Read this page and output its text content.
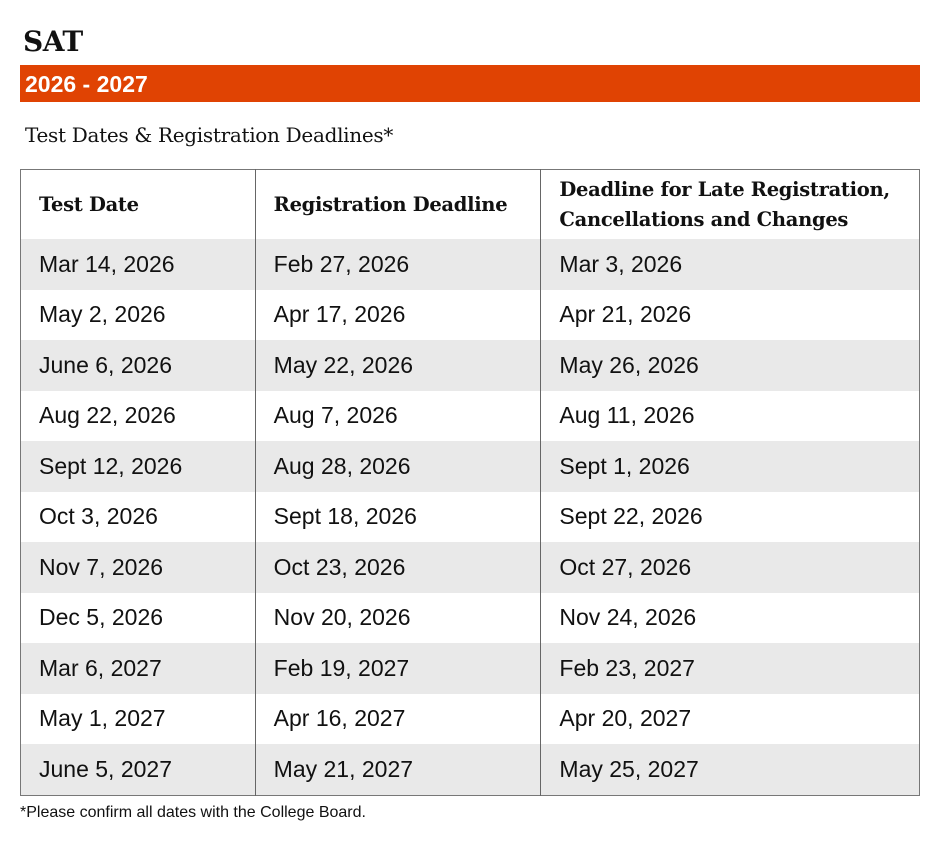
SAT
2026 - 2027
Test Dates & Registration Deadlines*
Test Date	Registration Deadline	Deadline for Late Registration, Cancellations and Changes
Mar 14, 2026	Feb 27, 2026	Mar 3, 2026
May 2, 2026	Apr 17, 2026	Apr 21, 2026
June 6, 2026	May 22, 2026	May 26, 2026
Aug 22, 2026	Aug 7, 2026	Aug 11, 2026
Sept 12, 2026	Aug 28, 2026	Sept 1, 2026
Oct 3, 2026	Sept 18, 2026	Sept 22, 2026
Nov 7, 2026	Oct 23, 2026	Oct 27, 2026
Dec 5, 2026	Nov 20, 2026	Nov 24, 2026
Mar 6, 2027	Feb 19, 2027	Feb 23, 2027
May 1, 2027	Apr 16, 2027	Apr 20, 2027
June 5, 2027	May 21, 2027	May 25, 2027
*Please confirm all dates with the College Board.
